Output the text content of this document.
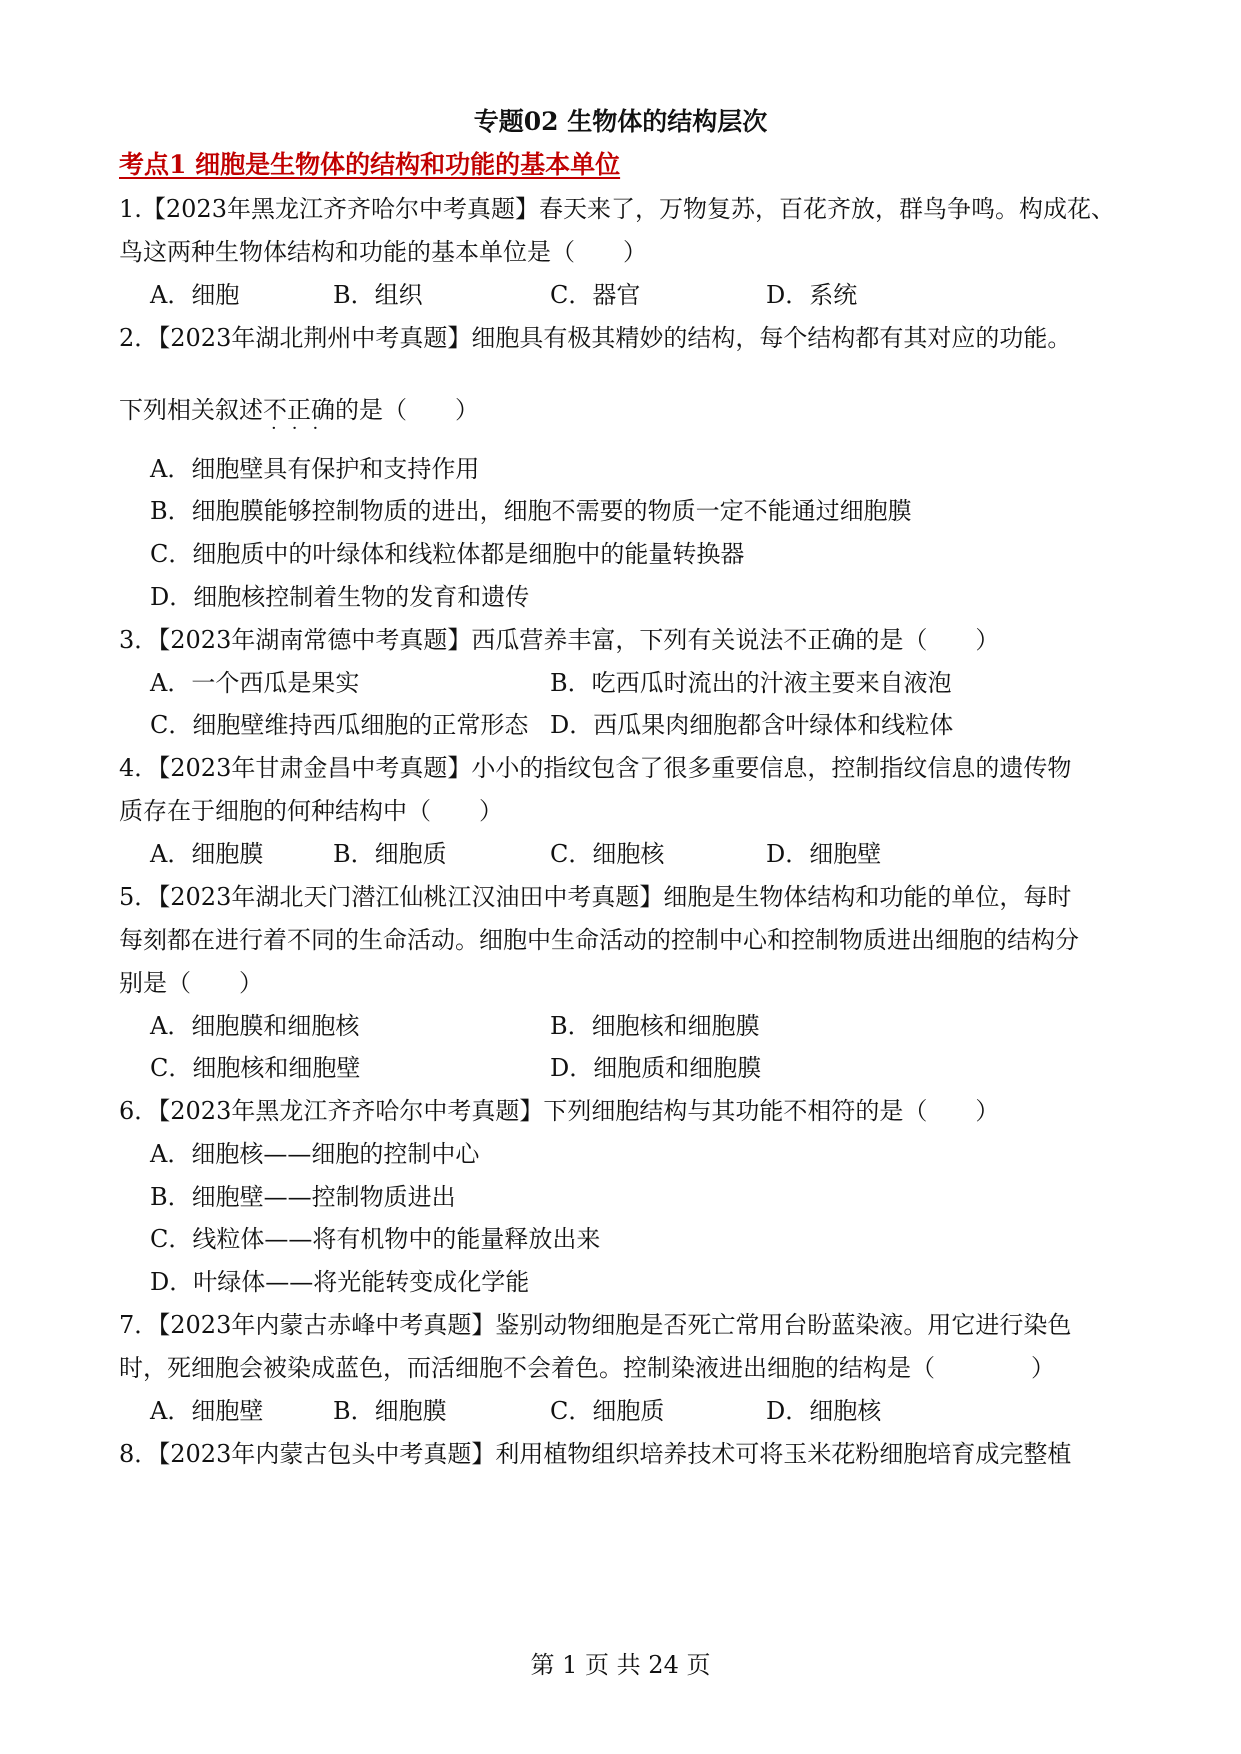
专题02 生物体的结构层次
考点1 细胞是生物体的结构和功能的基本单位
1.【2023年黑龙江齐齐哈尔中考真题】春天来了，万物复苏，百花齐放，群鸟争鸣。构成花、
鸟这两种生物体结构和功能的基本单位是（　　）
A．细胞	B．组织	C．器官	D．系统
2．【2023年湖北荆州中考真题】细胞具有极其精妙的结构，每个结构都有其对应的功能。
···
下列相关叙述不正确的是（　　）
A．细胞壁具有保护和支持作用
B．细胞膜能够控制物质的进出，细胞不需要的物质一定不能通过细胞膜
C．细胞质中的叶绿体和线粒体都是细胞中的能量转换器
D．细胞核控制着生物的发育和遗传
3．【2023年湖南常德中考真题】西瓜营养丰富，下列有关说法不正确的是（　　）
A．一个西瓜是果实	B．吃西瓜时流出的汁液主要来自液泡
C．细胞壁维持西瓜细胞的正常形态 D．西瓜果肉细胞都含叶绿体和线粒体
4．【2023年甘肃金昌中考真题】小小的指纹包含了很多重要信息，控制指纹信息的遗传物
质存在于细胞的何种结构中（　　）
A．细胞膜	B．细胞质	C．细胞核	D．细胞壁
5．【2023年湖北天门潜江仙桃江汉油田中考真题】细胞是生物体结构和功能的单位，每时
每刻都在进行着不同的生命活动。细胞中生命活动的控制中心和控制物质进出细胞的结构分
别是（　　）
A．细胞膜和细胞核	B．细胞核和细胞膜
C．细胞核和细胞壁	D．细胞质和细胞膜
6．【2023年黑龙江齐齐哈尔中考真题】下列细胞结构与其功能不相符的是（　　）
A．细胞核——细胞的控制中心
B．细胞壁——控制物质进出
C．线粒体——将有机物中的能量释放出来
D．叶绿体——将光能转变成化学能
7．【2023年内蒙古赤峰中考真题】鉴别动物细胞是否死亡常用台盼蓝染液。用它进行染色
时，死细胞会被染成蓝色，而活细胞不会着色。控制染液进出细胞的结构是（　　　　）
A．细胞壁	B．细胞膜	C．细胞质	D．细胞核
8．【2023年内蒙古包头中考真题】利用植物组织培养技术可将玉米花粉细胞培育成完整植
第 1 页 共 24 页
